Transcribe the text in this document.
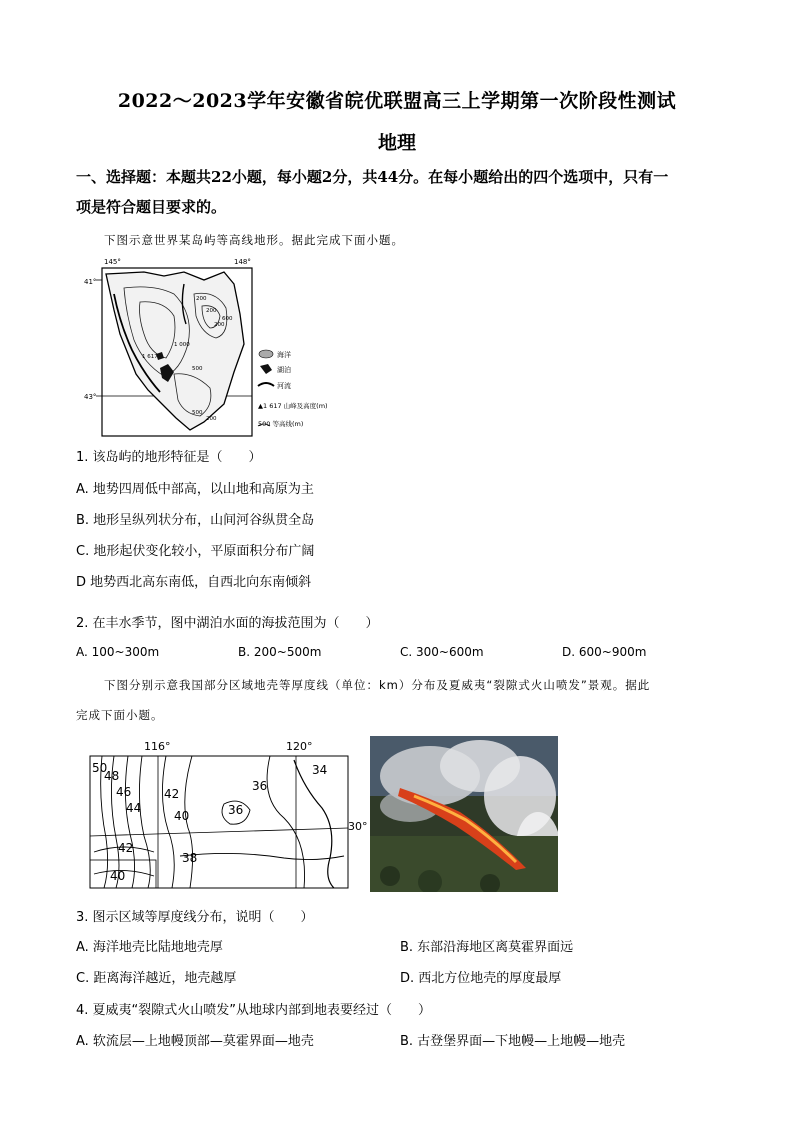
2022～2023学年安徽省皖优联盟高三上学期第一次阶段性测试
地理
一、选择题：本题共22小题，每小题2分，共44分。在每小题给出的四个选项中，只有一
项是符合题目要求的。
下图示意世界某岛屿等高线地形。据此完成下面小题。
145°	148°
41°
43°
200
200
200
600
1 000
1 617
500
500
200
海洋
湖泊
河流
▲1 617 山峰及高度(m)
500 等高线(m)
1. 该岛屿的地形特征是（　　）
A. 地势四周低中部高，以山地和高原为主
B. 地形呈纵列状分布，山间河谷纵贯全岛
C. 地形起伏变化较小，平原面积分布广阔
D 地势西北高东南低，自西北向东南倾斜
2. 在丰水季节，图中湖泊水面的海拔范围为（　　）
A. 100~300m	B. 200~500m	C. 300~600m	D. 600~900m
下图分别示意我国部分区域地壳等厚度线（单位：km）分布及夏威夷“裂隙式火山喷发”景观。据此
完成下面小题。
116°	120°
30°
50
48
46
44
42
40	36
36
34
42
40
38
3. 图示区域等厚度线分布，说明（　　）
A. 海洋地壳比陆地地壳厚	B. 东部沿海地区离莫霍界面远
C. 距离海洋越近，地壳越厚	D. 西北方位地壳的厚度最厚
4. 夏威夷“裂隙式火山喷发”从地球内部到地表要经过（　　）
A. 软流层—上地幔顶部—莫霍界面—地壳	B. 古登堡界面—下地幔—上地幔—地壳
